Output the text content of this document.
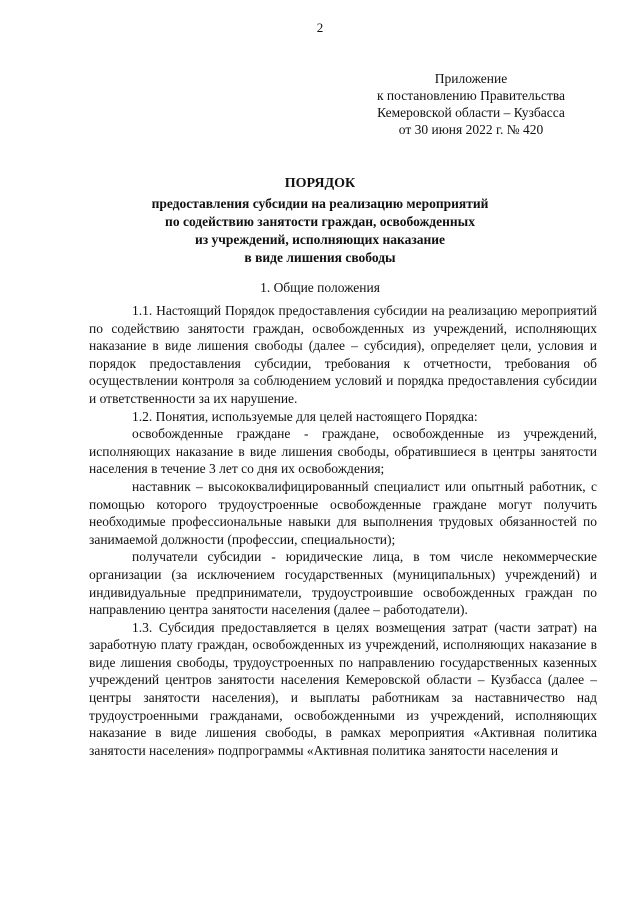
2
Приложение
к постановлению Правительства
Кемеровской области – Кузбасса
от 30 июня 2022 г. № 420
ПОРЯДОК
предоставления субсидии на реализацию мероприятий
по содействию занятости граждан, освобожденных
из учреждений, исполняющих наказание
в виде лишения свободы
1. Общие положения

1.1. Настоящий Порядок предоставления субсидии на реализацию мероприятий по содействию занятости граждан, освобожденных из учреждений, исполняющих наказание в виде лишения свободы (далее – субсидия), определяет цели, условия и порядок предоставления субсидии, требования к отчетности, требования об осуществлении контроля за соблюдением условий и порядка предоставления субсидии и ответственности за их нарушение.

1.2. Понятия, используемые для целей настоящего Порядка:

освобожденные граждане - граждане, освобожденные из учреждений, исполняющих наказание в виде лишения свободы, обратившиеся в центры занятости населения в течение 3 лет со дня их освобождения;

наставник – высококвалифицированный специалист или опытный работник, с помощью которого трудоустроенные освобожденные граждане могут получить необходимые профессиональные навыки для выполнения трудовых обязанностей по занимаемой должности (профессии, специальности);

получатели субсидии - юридические лица, в том числе некоммерческие организации (за исключением государственных (муниципальных) учреждений) и индивидуальные предприниматели, трудоустроившие освобожденных граждан по направлению центра занятости населения (далее – работодатели).

1.3. Субсидия предоставляется в целях возмещения затрат (части затрат) на заработную плату граждан, освобожденных из учреждений, исполняющих наказание в виде лишения свободы, трудоустроенных по направлению государственных казенных учреждений центров занятости населения Кемеровской области – Кузбасса (далее – центры занятости населения), и выплаты работникам за наставничество над трудоустроенными гражданами, освобожденными из учреждений, исполняющих наказание в виде лишения свободы, в рамках мероприятия «Активная политика занятости населения» подпрограммы «Активная политика занятости населения и
